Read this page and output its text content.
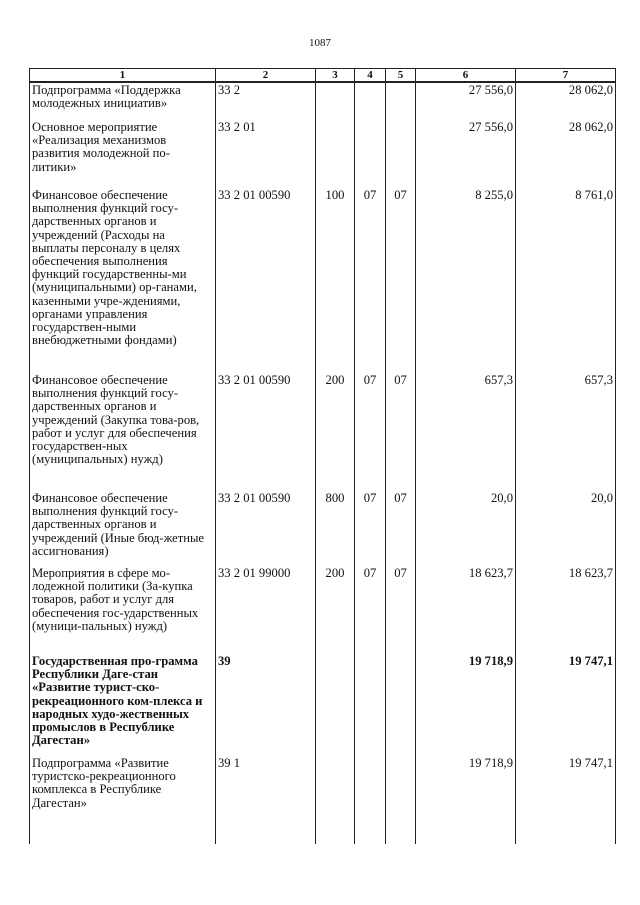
1087
1	2	3	4	5	6	7
Подпрограмма «Поддержка молодежных инициатив»	33 2				27 556,0	28 062,0
Основное мероприятие «Реализация механизмов развития молодежной по-литики»	33 2 01				27 556,0	28 062,0
Финансовое обеспечение выполнения функций госу-дарственных органов и учреждений (Расходы на выплаты персоналу в целях обеспечения выполнения функций государственны-ми (муниципальными) ор-ганами, казенными учре-ждениями, органами управления государствен-ными внебюджетными фондами)	33 2 01 00590	100	07	07	8 255,0	8 761,0
Финансовое обеспечение выполнения функций госу-дарственных органов и учреждений (Закупка това-ров, работ и услуг для обеспечения государствен-ных (муниципальных) нужд)	33 2 01 00590	200	07	07	657,3	657,3
Финансовое обеспечение выполнения функций госу-дарственных органов и учреждений (Иные бюд-жетные ассигнования)	33 2 01 00590	800	07	07	20,0	20,0
Мероприятия в сфере мо-лодежной политики (За-купка товаров, работ и услуг для обеспечения гос-ударственных (муници-пальных) нужд)	33 2 01 99000	200	07	07	18 623,7	18 623,7
Государственная про-грамма Республики Даге-стан «Развитие турист-ско-рекреационного ком-плекса и народных худо-жественных промыслов в Республике Дагестан»	39				19 718,9	19 747,1
Подпрограмма «Развитие туристско-рекреационного комплекса в Республике Дагестан»	39 1				19 718,9	19 747,1
